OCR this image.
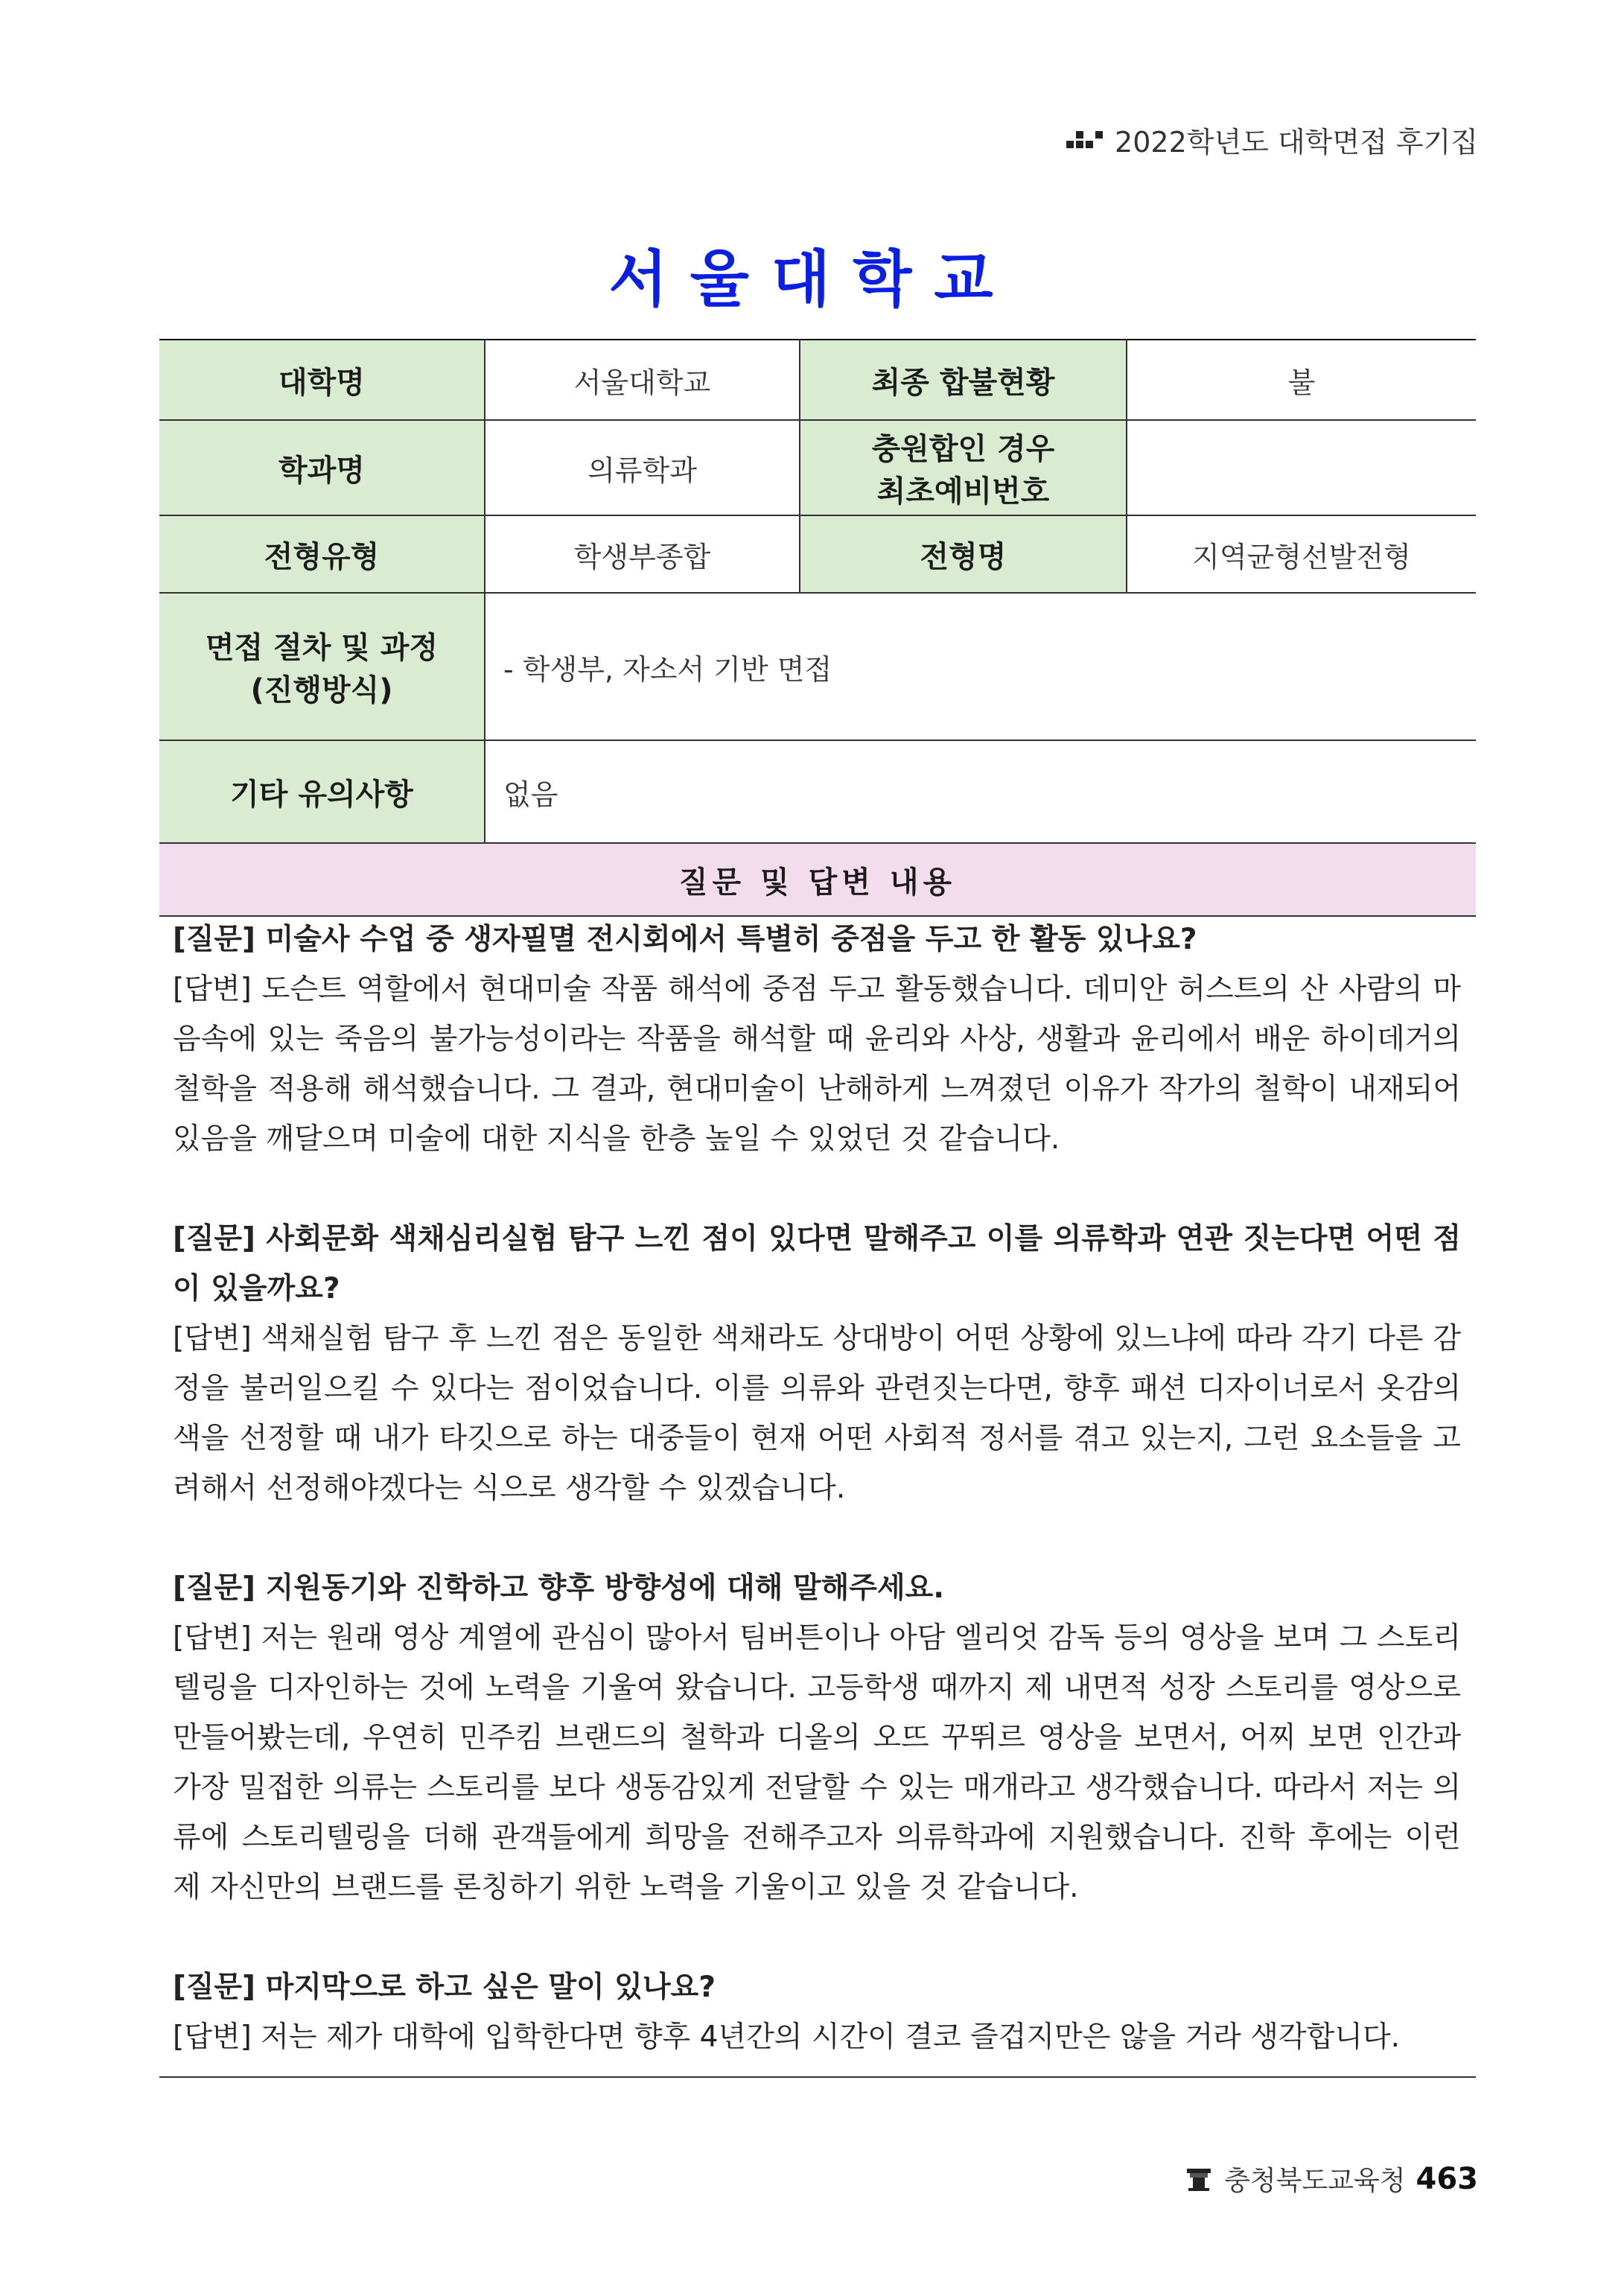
2022학년도 대학면접 후기집
서울대학교
대학명	서울대학교	최종 합불현황	불
학과명	의류학과	충원합인 경우
최초예비번호	

전형유형	학생부종합	전형명	지역균형선발전형

면접 절차 및 과정
(진행방식)	- 학생부, 자소서 기반 면접		
기타 유의사항	없음		
질문 및 답변 내용			
[질문] 미술사 수업 중 생자필멸 전시회에서 특별히 중점을 두고 한 활동 있나요?
[답변] 도슨트 역할에서 현대미술 작품 해석에 중점 두고 활동했습니다. 데미안 허스트의 산 사람의 마음속에 있는 죽음의 불가능성이라는 작품을 해석할 때 윤리와 사상, 생활과 윤리에서 배운 하이데거의 철학을 적용해 해석했습니다. 그 결과, 현대미술이 난해하게 느껴졌던 이유가 작가의 철학이 내재되어있음을 깨달으며 미술에 대한 지식을 한층 높일 수 있었던 것 같습니다.
[질문] 사회문화 색채심리실험 탐구 느낀 점이 있다면 말해주고 이를 의류학과 연관 짓는다면 어떤 점이 있을까요?
[답변] 색채실험 탐구 후 느낀 점은 동일한 색채라도 상대방이 어떤 상황에 있느냐에 따라 각기 다른 감정을 불러일으킬 수 있다는 점이었습니다. 이를 의류와 관련짓는다면, 향후 패션 디자이너로서 옷감의 색을 선정할 때 내가 타깃으로 하는 대중들이 현재 어떤 사회적 정서를 겪고 있는지, 그런 요소들을 고려해서 선정해야겠다는 식으로 생각할 수 있겠습니다.
[질문] 지원동기와 진학하고 향후 방향성에 대해 말해주세요.
[답변] 저는 원래 영상 계열에 관심이 많아서 팀버튼이나 아담 엘리엇 감독 등의 영상을 보며 그 스토리 텔링을 디자인하는 것에 노력을 기울여 왔습니다. 고등학생 때까지 제 내면적 성장 스토리를 영상으로 만들어봤는데, 우연히 민주킴 브랜드의 철학과 디올의 오뜨 꾸뛰르 영상을 보면서, 어찌 보면 인간과 가장 밀접한 의류는 스토리를 보다 생동감있게 전달할 수 있는 매개라고 생각했습니다. 따라서 저는 의류에 스토리텔링을 더해 관객들에게 희망을 전해주고자 의류학과에 지원했습니다. 진학 후에는 이런 제 자신만의 브랜드를 론칭하기 위한 노력을 기울이고 있을 것 같습니다.
[질문] 마지막으로 하고 싶은 말이 있나요?
[답변] 저는 제가 대학에 입학한다면 향후 4년간의 시간이 결코 즐겁지만은 않을 거라 생각합니다.
충청북도교육청 463
